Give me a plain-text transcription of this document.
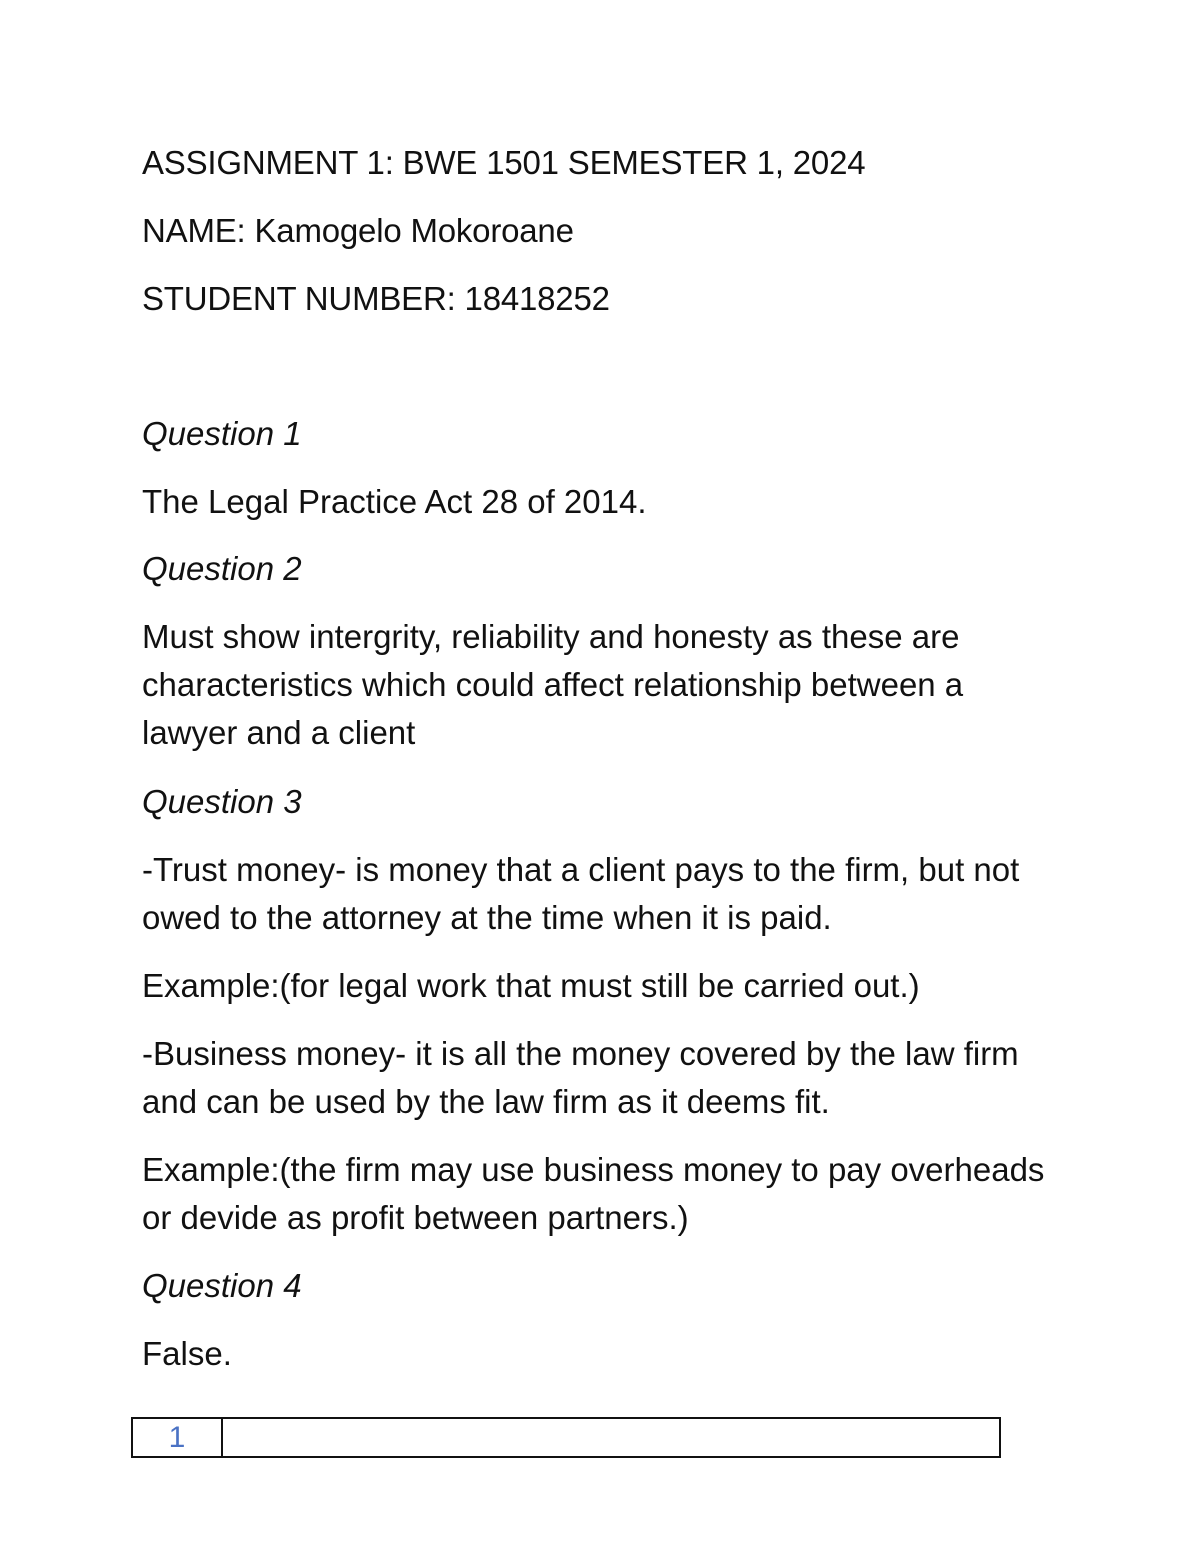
ASSIGNMENT 1: BWE 1501 SEMESTER 1, 2024

NAME: Kamogelo Mokoroane

STUDENT NUMBER: 18418252

Question 1

The Legal Practice Act 28 of 2014.

Question 2

Must show intergrity, reliability and honesty as these are characteristics which could affect relationship between a lawyer and a client

Question 3

-Trust money- is money that a client pays to the firm, but not owed to the attorney at the time when it is paid.

Example:(for legal work that must still be carried out.)

-Business money- it is all the money covered by the law firm and can be used by the law firm as it deems fit.

Example:(the firm may use business money to pay overheads or devide as profit between partners.)

Question 4

False.

1
